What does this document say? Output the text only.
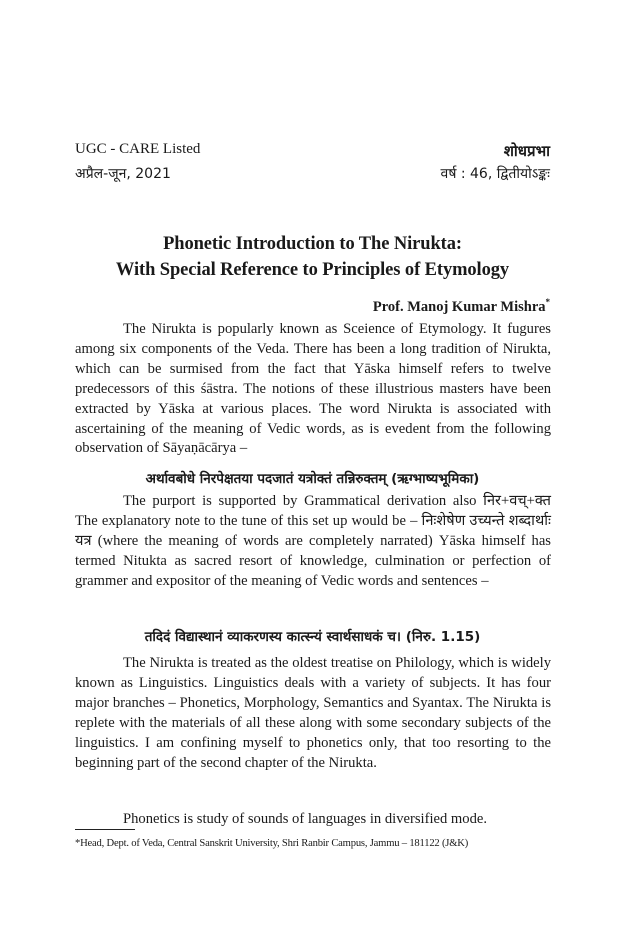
UGC - CARE Listed
अप्रैल-जून, 2021
शोधप्रभा
वर्ष : 46, द्वितीयोऽङ्कः
Phonetic Introduction to The Nirukta:
With Special Reference to Principles of Etymology
Prof. Manoj Kumar Mishra*
The Nirukta is popularly known as Sceience of Etymology. It fugures among six components of the Veda. There has been a long tradition of Nirukta, which can be surmised from the fact that Yāska himself refers to twelve predecessors of this śāstra. The notions of these illustrious masters have been extracted by Yāska at various places. The word Nirukta is associated with ascertaining of the meaning of Vedic words, as is evedent from the following observation of Sāyaṇācārya –
अर्थावबोधे निरपेक्षतया पदजातं यत्रोक्तं तन्निरुक्तम् (ऋग्भाष्यभूमिका)
The purport is supported by Grammatical derivation also निर+वच्+क्त The explanatory note to the tune of this set up would be – निःशेषेण उच्यन्ते शब्दार्थाः यत्र (where the meaning of words are completely narrated) Yāska himself has termed Nitukta as sacred resort of knowledge, culmination or perfection of grammer and expositor of the meaning of Vedic words and sentences –
तदिदं विद्यास्थानं व्याकरणस्य कात्स्न्यं स्वार्थसाधकं च। (निरु. 1.15)
The Nirukta is treated as the oldest treatise on Philology, which is widely known as Linguistics. Linguistics deals with a variety of subjects. It has four major branches – Phonetics, Morphology, Semantics and Syantax. The Nirukta is replete with the materials of all these along with some secondary subjects of the linguistics. I am confining myself to phonetics only, that too resorting to the beginning part of the second chapter of the Nirukta.
Phonetics is study of sounds of languages in diversified mode.
*Head, Dept. of Veda, Central Sanskrit University, Shri Ranbir Campus, Jammu – 181122 (J&K)
